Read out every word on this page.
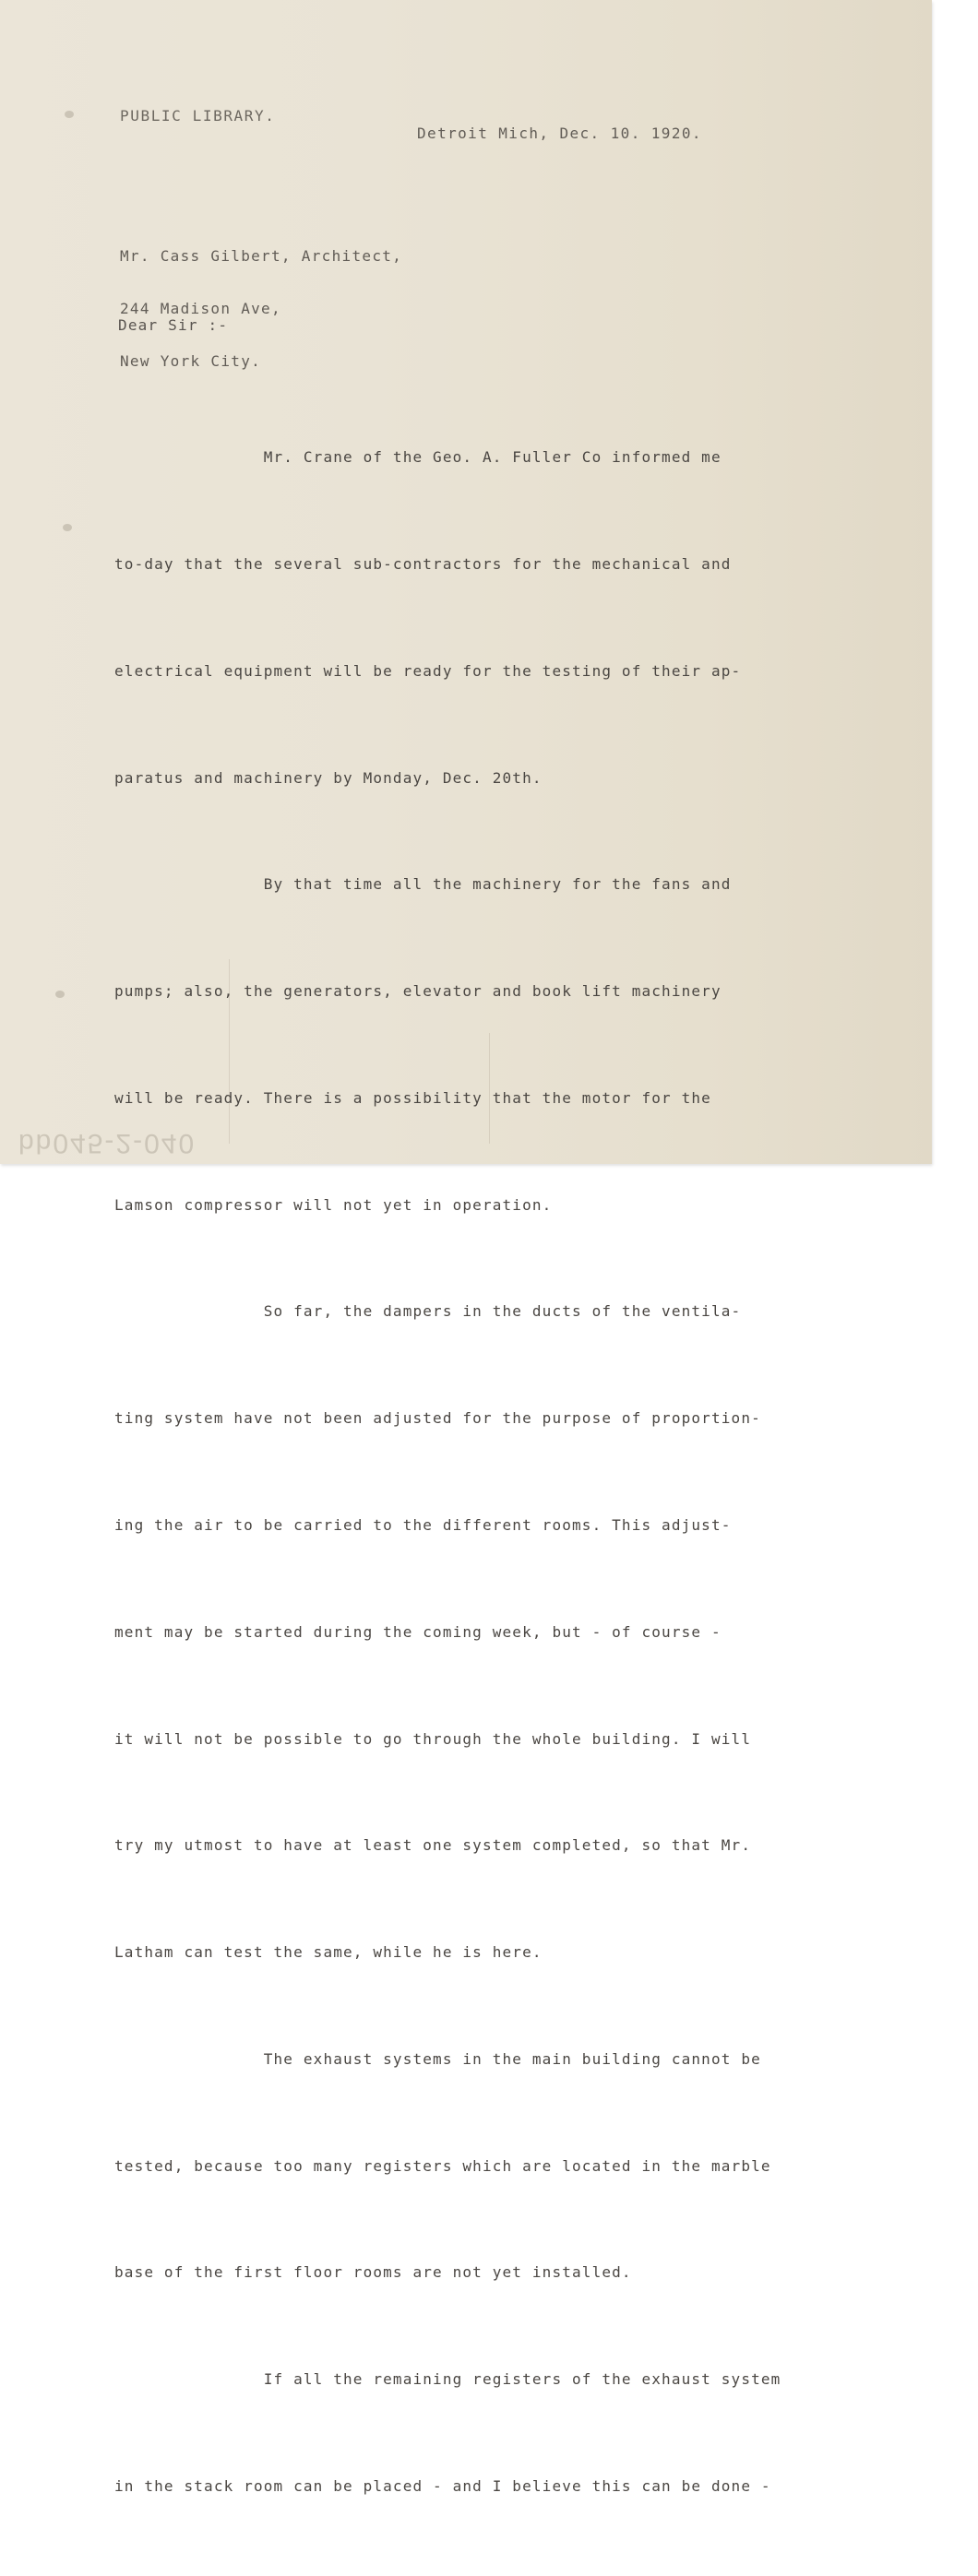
PUBLIC LIBRARY.

Detroit Mich, Dec. 10. 1920.

Mr. Cass Gilbert, Architect,

244 Madison Ave,

New York City.

Dear Sir :-

Mr. Crane of the Geo. A. Fuller Co informed me

to-day that the several sub-contractors for the mechanical and

electrical equipment will be ready for the testing of their ap-

paratus and machinery by Monday, Dec. 20th.

By that time all the machinery for the fans and

pumps; also, the generators, elevator and book lift machinery

will be ready. There is a possibility that the motor for the

Lamson compressor will not yet in operation.

So far, the dampers in the ducts of the ventila-

ting system have not been adjusted for the purpose of proportion-

ing the air to be carried to the different rooms. This adjust-

ment may be started during the coming week, but - of course -

it will not be possible to go through the whole building. I will

try my utmost to have at least one system completed, so that Mr.

Latham can test the same, while he is here.

The exhaust systems in the main building cannot be

tested, because too many registers which are located in the marble

base of the first floor rooms are not yet installed.

If all the remaining registers of the exhaust system

in the stack room can be placed - and I believe this can be done -

bb045-2-040
